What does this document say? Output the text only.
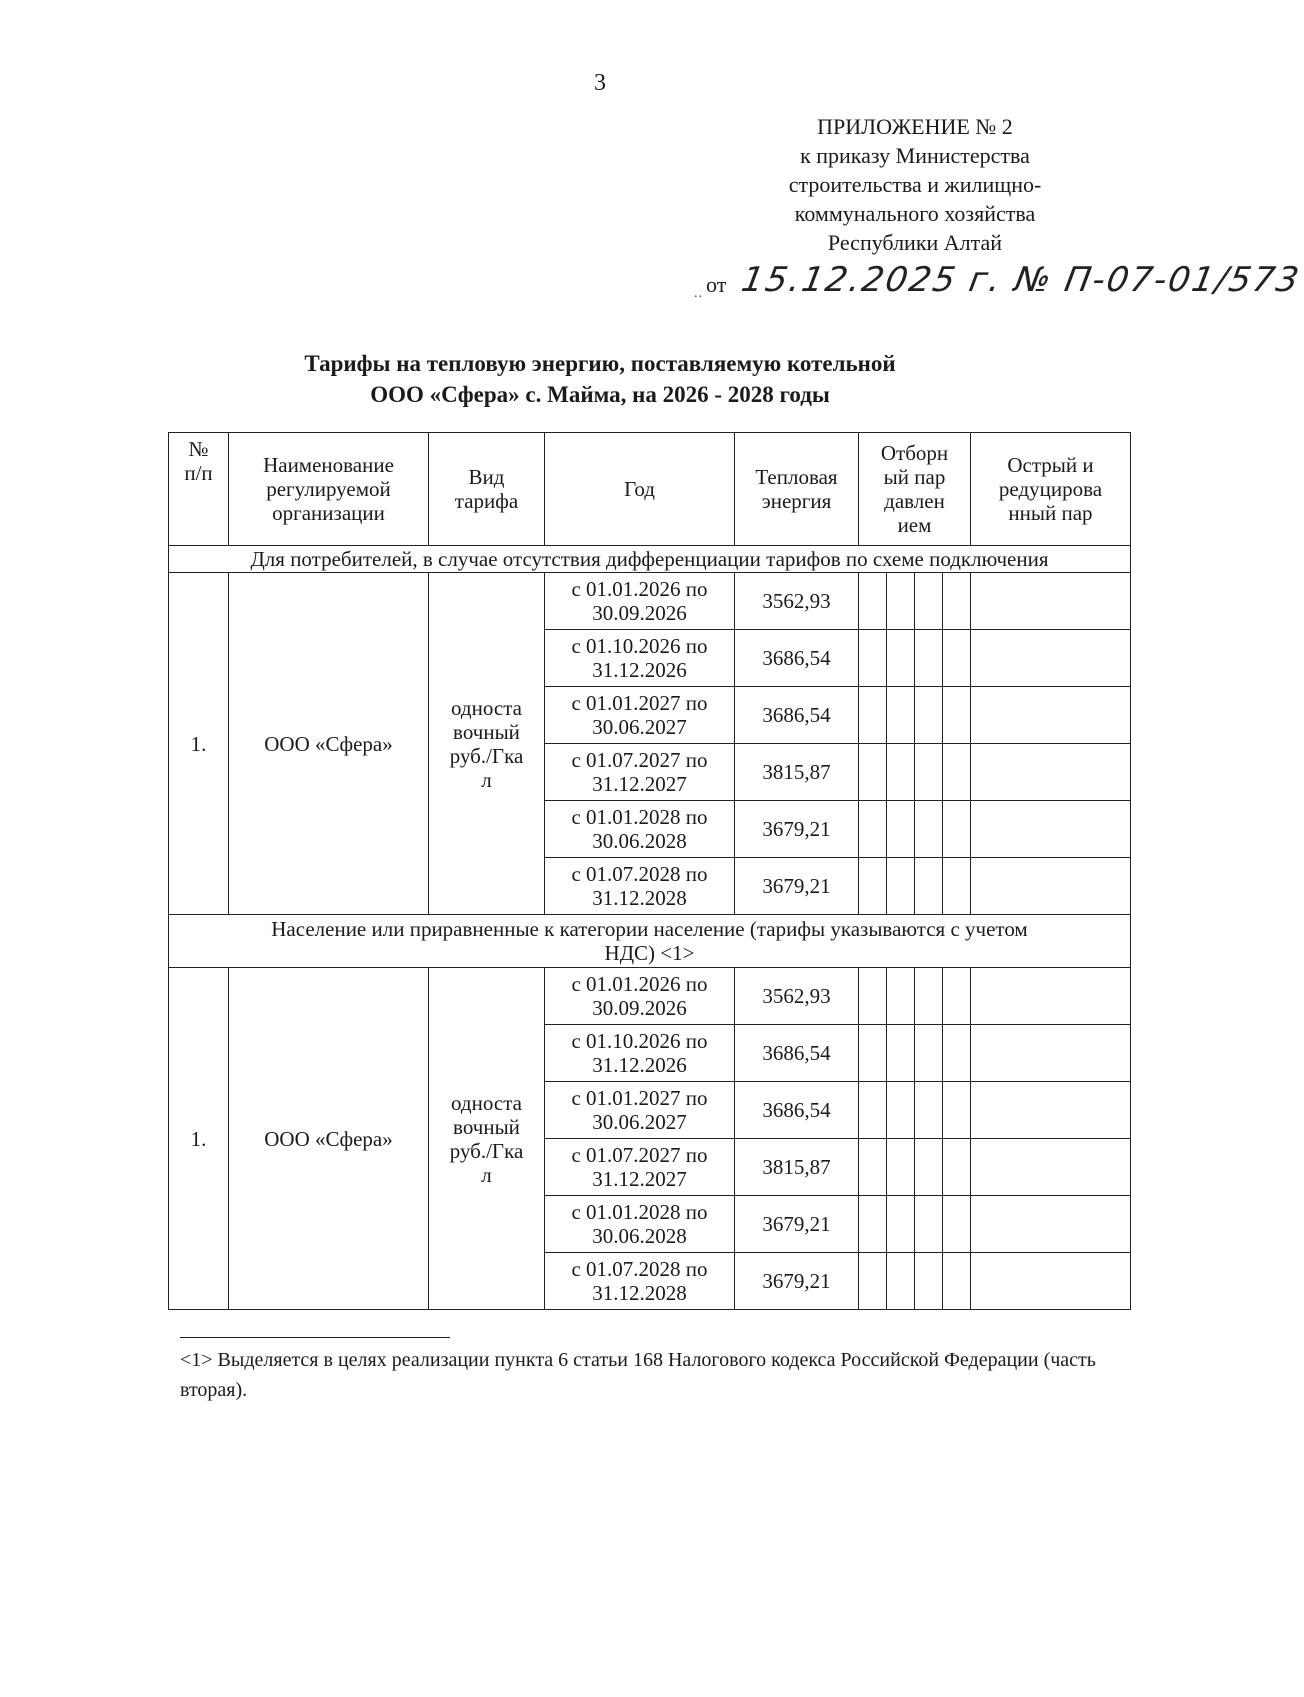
3
ПРИЛОЖЕНИЕ № 2
к приказу Министерства
строительства и жилищно-
коммунального хозяйства
Республики Алтай
.. от 15.12.2025 г. № П-07-01/573
Тарифы на тепловую энергию, поставляемую котельной
ООО «Сфера» с. Майма, на 2026 - 2028 годы
№
п/п	Наименование
регулируемой
организации	Вид
тарифа	Год	Тепловая
энергия	Отборн
ый пар
давлен
ием	Острый и
редуцирова
нный пар
Для потребителей, в случае отсутствия дифференциации тарифов по схеме подключения						
1.	ООО «Сфера»	односта
вочный
руб./Гка
л	с 01.01.2026 по
30.09.2026	3562,93	

			с 01.10.2026 по
31.12.2026	3686,54	

			с 01.01.2027 по
30.06.2027	3686,54	

			с 01.07.2027 по
31.12.2027	3815,87	

			с 01.01.2028 по
30.06.2028	3679,21	

			с 01.07.2028 по
31.12.2028	3679,21	

Население или приравненные к категории население (тарифы указываются с учетом
НДС) <1>						
1.	ООО «Сфера»	односта
вочный
руб./Гка
л	с 01.01.2026 по
30.09.2026	3562,93	

			с 01.10.2026 по
31.12.2026	3686,54	

			с 01.01.2027 по
30.06.2027	3686,54	

			с 01.07.2027 по
31.12.2027	3815,87	

			с 01.01.2028 по
30.06.2028	3679,21	

			с 01.07.2028 по
31.12.2028	3679,21	

<1> Выделяется в целях реализации пункта 6 статьи 168 Налогового кодекса Российской Федерации (часть вторая).
